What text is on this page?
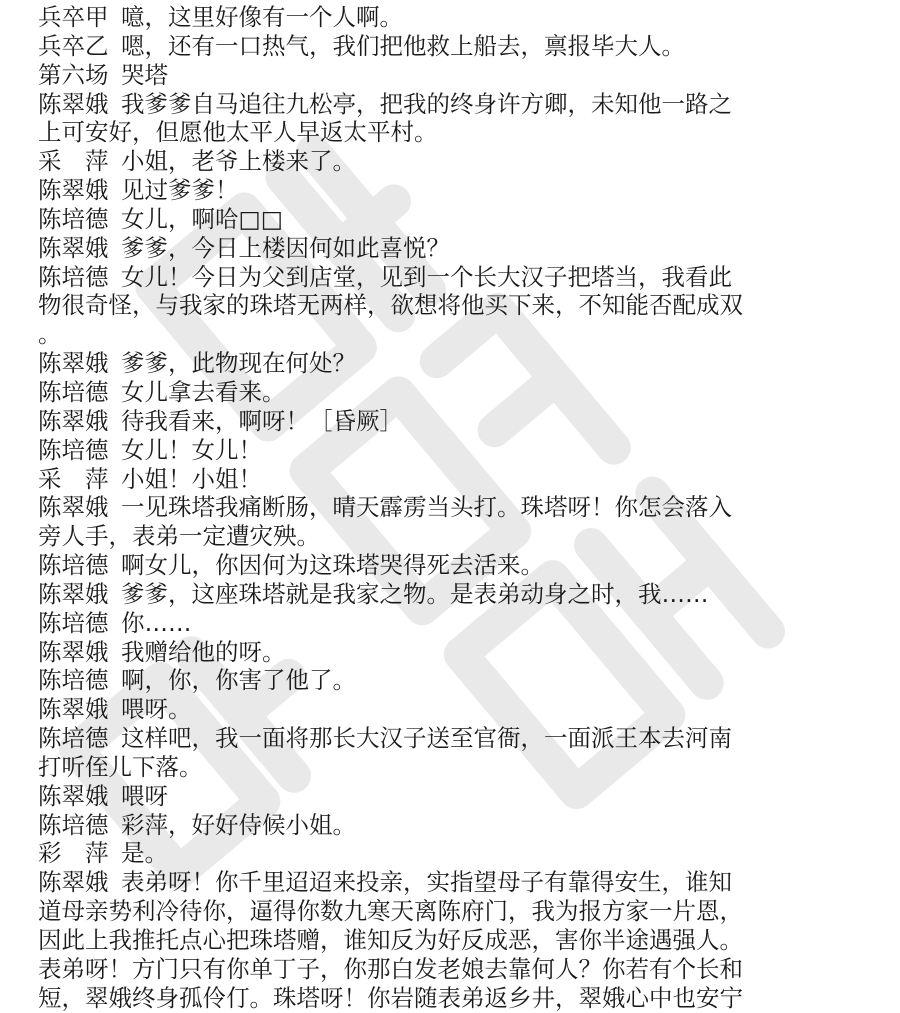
兵卒甲 噫，这里好像有一个人啊。
兵卒乙 嗯，还有一口热气，我们把他救上船去，禀报毕大人。
第六场 哭塔
陈翠娥 我爹爹自马追往九松亭，把我的终身许方卿，未知他一路之
上可安好，但愿他太平人早返太平村。
采　萍 小姐，老爷上楼来了。
陈翠娥 见过爹爹！
陈培德 女儿，啊哈□□
陈翠娥 爹爹，今日上楼因何如此喜悦？
陈培德 女儿！今日为父到店堂，见到一个长大汉子把塔当，我看此
物很奇怪，与我家的珠塔无两样，欲想将他买下来，不知能否配成双
。
陈翠娥 爹爹，此物现在何处？
陈培德 女儿拿去看来。
陈翠娥 待我看来，啊呀！［昏厥］
陈培德 女儿！女儿！
采　萍 小姐！小姐！
陈翠娥 一见珠塔我痛断肠，晴天霹雳当头打。珠塔呀！你怎会落入
旁人手，表弟一定遭灾殃。
陈培德 啊女儿，你因何为这珠塔哭得死去活来。
陈翠娥 爹爹，这座珠塔就是我家之物。是表弟动身之时，我……
陈培德 你……
陈翠娥 我赠给他的呀。
陈培德 啊，你，你害了他了。
陈翠娥 喂呀。
陈培德 这样吧，我一面将那长大汉子送至官衙，一面派王本去河南
打听侄儿下落。
陈翠娥 喂呀
陈培德 彩萍，好好侍候小姐。
彩　萍 是。
陈翠娥 表弟呀！你千里迢迢来投亲，实指望母子有靠得安生，谁知
道母亲势利冷待你，逼得你数九寒天离陈府门，我为报方家一片恩，
因此上我推托点心把珠塔赠，谁知反为好反成恶，害你半途遇强人。
表弟呀！方门只有你单丁子，你那白发老娘去靠何人？你若有个长和
短，翠娥终身孤伶仃。珠塔呀！你岩随表弟返乡井，翠娥心中也安宁
